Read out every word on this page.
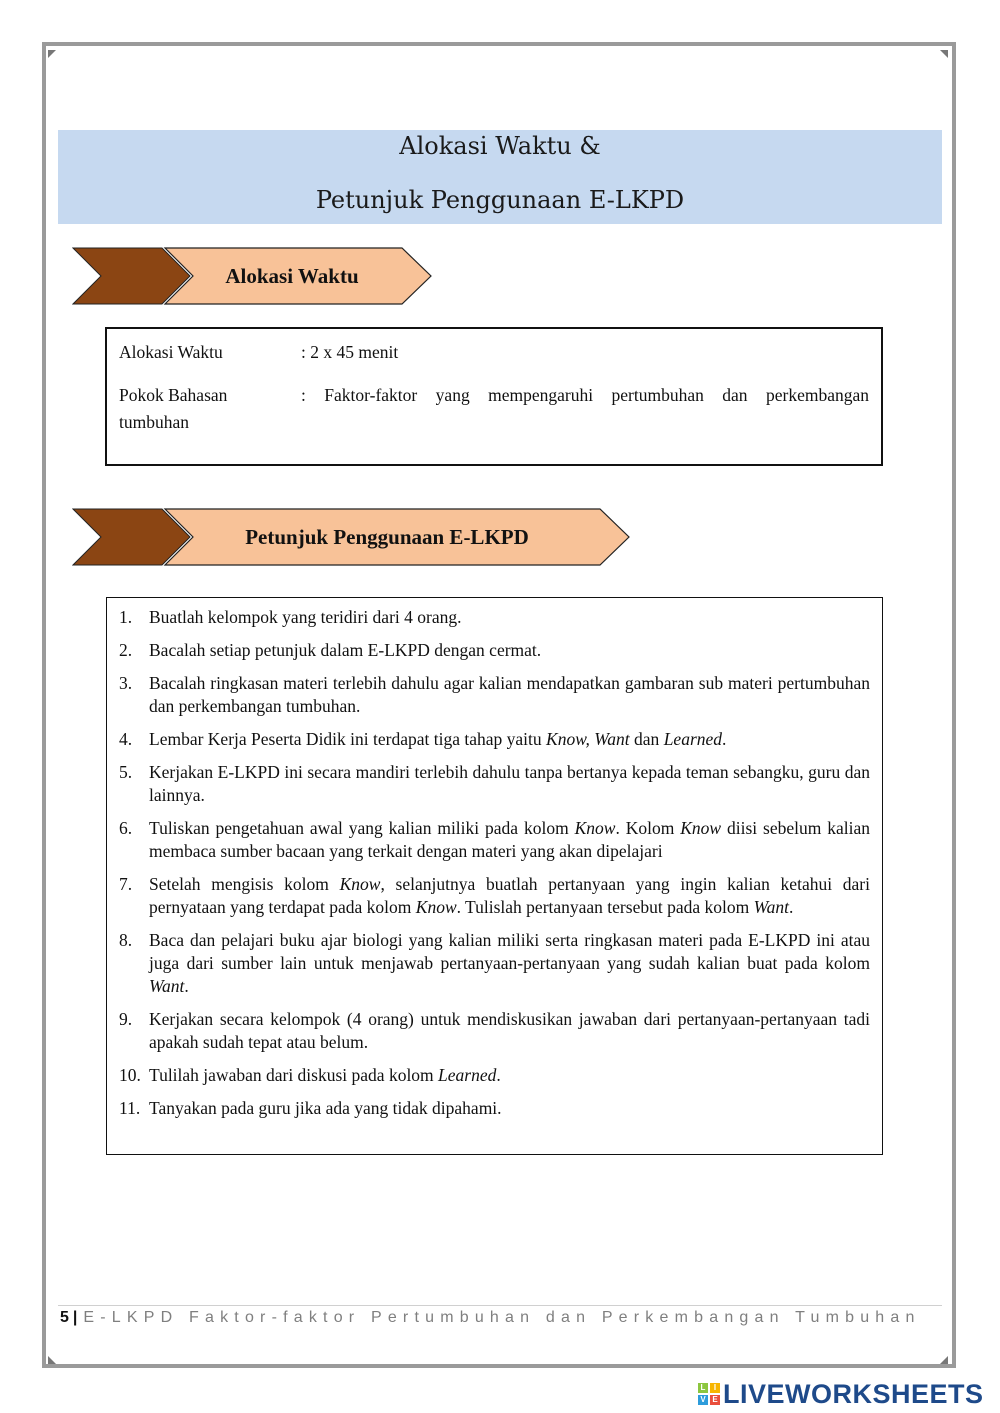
Alokasi Waktu &
Petunjuk Penggunaan E-LKPD
Alokasi Waktu
Alokasi Waktu	: 2 x 45 menit
Pokok Bahasan	: Faktor-faktor yang mempengaruhi pertumbuhan dan perkembangan
tumbuhan
Petunjuk Penggunaan E-LKPD
1. Buatlah kelompok yang teridiri dari 4 orang.
2. Bacalah setiap petunjuk dalam E-LKPD dengan cermat.
3. Bacalah ringkasan materi terlebih dahulu agar kalian mendapatkan gambaran sub materi pertumbuhan dan perkembangan tumbuhan.
4. Lembar Kerja Peserta Didik ini terdapat tiga tahap yaitu Know, Want dan Learned.
5. Kerjakan E-LKPD ini secara mandiri terlebih dahulu tanpa bertanya kepada teman sebangku, guru dan lainnya.
6. Tuliskan pengetahuan awal yang kalian miliki pada kolom Know. Kolom Know diisi sebelum kalian membaca sumber bacaan yang terkait dengan materi yang akan dipelajari
7. Setelah mengisis kolom Know, selanjutnya buatlah pertanyaan yang ingin kalian ketahui dari pernyataan yang terdapat pada kolom Know. Tulislah pertanyaan tersebut pada kolom Want.
8. Baca dan pelajari buku ajar biologi yang kalian miliki serta ringkasan materi pada E-LKPD ini atau juga dari sumber lain untuk menjawab pertanyaan-pertanyaan yang sudah kalian buat pada kolom Want.
9. Kerjakan secara kelompok (4 orang) untuk mendiskusikan jawaban dari pertanyaan-pertanyaan tadi apakah sudah tepat atau belum.
10. Tulilah jawaban dari diskusi pada kolom Learned.
11. Tanyakan pada guru jika ada yang tidak dipahami.
5 | E-LKPD Faktor-faktor Pertumbuhan dan Perkembangan Tumbuhan
L	I
V E LIVEWORKSHEETS
